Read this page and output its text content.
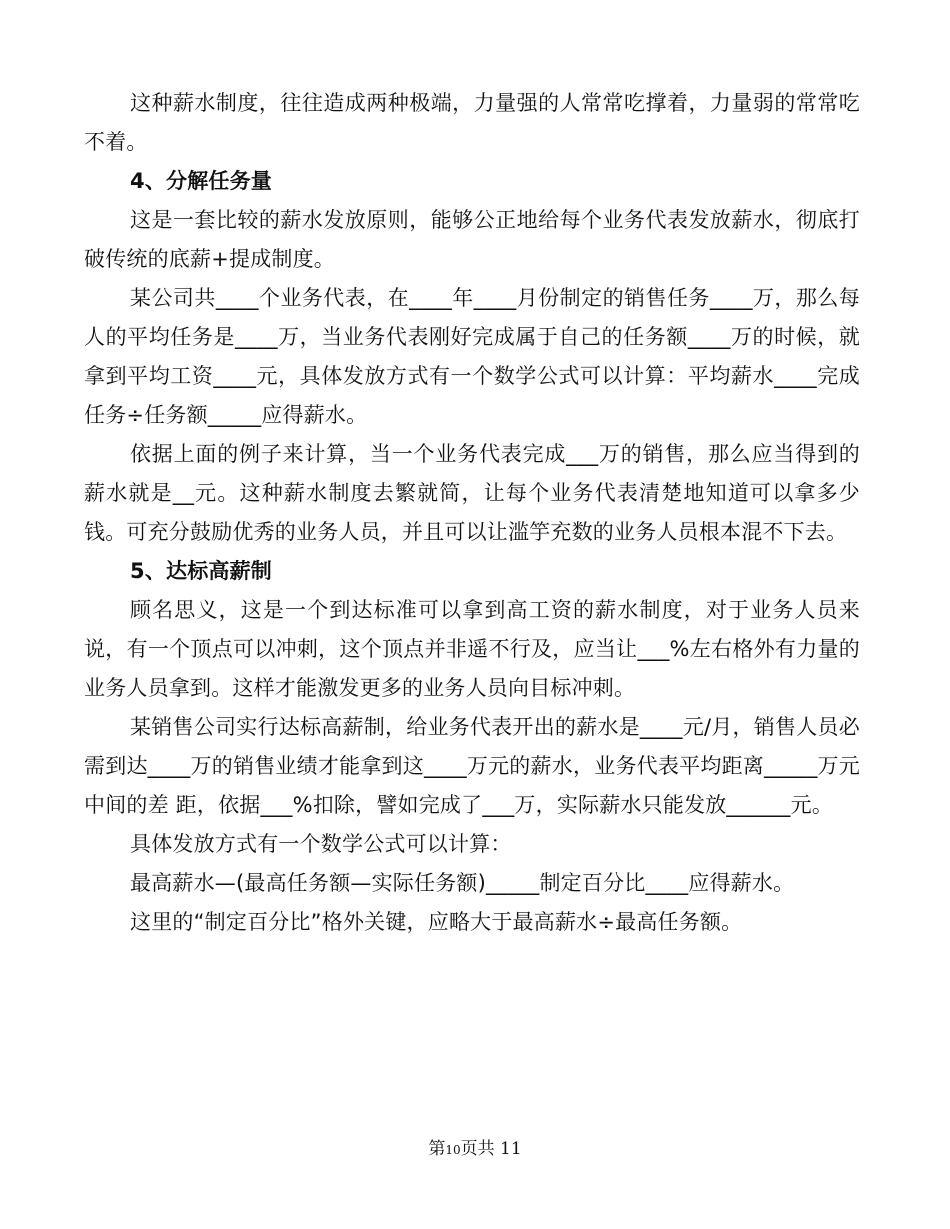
这种薪水制度，往往造成两种极端，力量强的人常常吃撑着，力量弱的常常吃不着。

4、分解任务量

这是一套比较的薪水发放原则，能够公正地给每个业务代表发放薪水，彻底打破传统的底薪+提成制度。

某公司共____个业务代表，在____年____月份制定的销售任务____万，那么每人的平均任务是____万，当业务代表刚好完成属于自己的任务额____万的时候，就拿到平均工资____元，具体发放方式有一个数学公式可以计算：平均薪水____完成任务÷任务额_____应得薪水。

依据上面的例子来计算，当一个业务代表完成___万的销售，那么应当得到的薪水就是__元。这种薪水制度去繁就简，让每个业务代表清楚地知道可以拿多少钱。可充分鼓励优秀的业务人员，并且可以让滥竽充数的业务人员根本混不下去。

5、达标高薪制

顾名思义，这是一个到达标准可以拿到高工资的薪水制度，对于业务人员来说，有一个顶点可以冲刺，这个顶点并非遥不行及，应当让___%左右格外有力量的业务人员拿到。这样才能激发更多的业务人员向目标冲刺。

某销售公司实行达标高薪制，给业务代表开出的薪水是____元/月，销售人员必需到达____万的销售业绩才能拿到这____万元的薪水，业务代表平均距离_____万元中间的差 距，依据___%扣除，譬如完成了___万，实际薪水只能发放______元。

具体发放方式有一个数学公式可以计算：

最高薪水—(最高任务额—实际任务额)_____制定百分比____应得薪水。

这里的“制定百分比”格外关键，应略大于最高薪水÷最高任务额。

第10页共 11
